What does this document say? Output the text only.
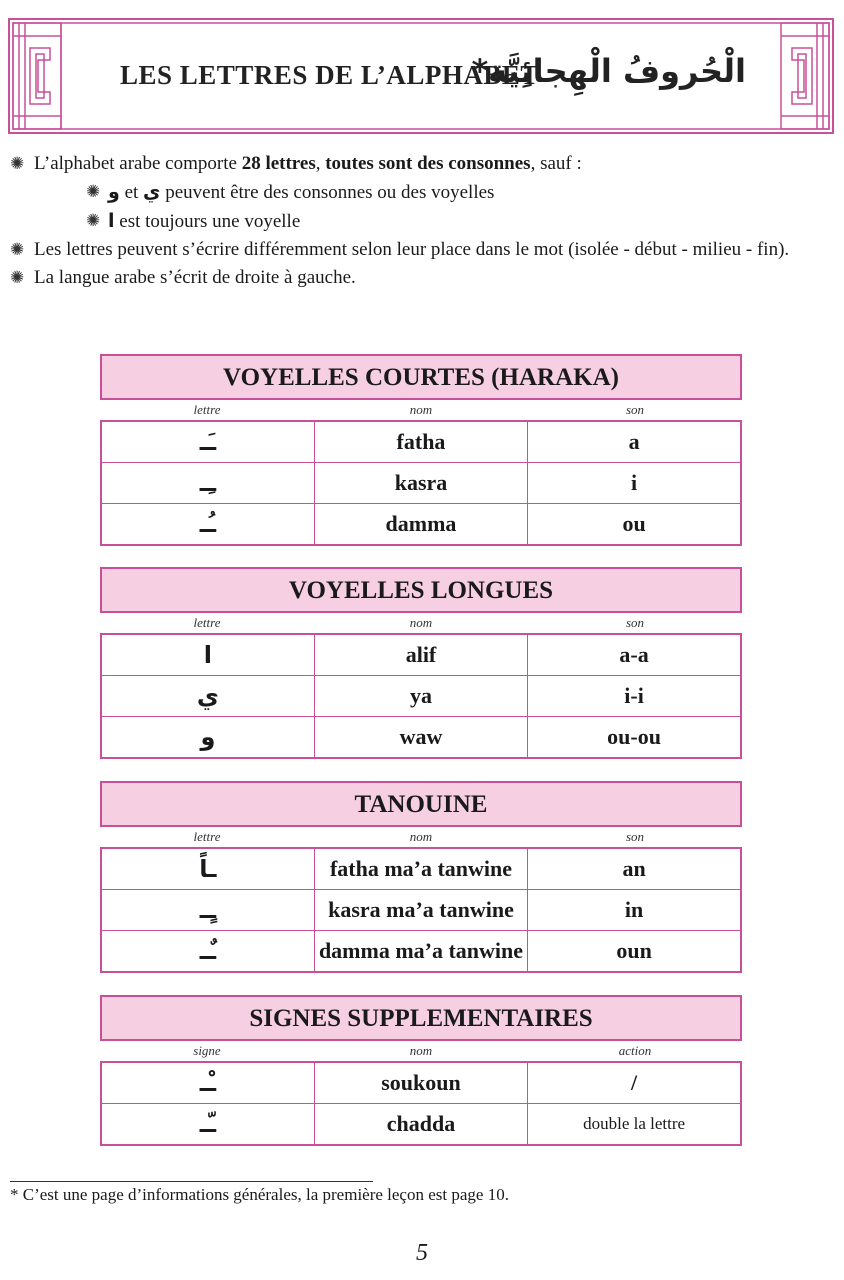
LES LETTRES DE L’ALPHABET
الْحُروفُ الْهِجائِيَّة*
✺ L’alphabet arabe comporte 28 lettres, toutes sont des consonnes, sauf :
✺ و et ي peuvent être des consonnes ou des voyelles
✺ ا est toujours une voyelle
✺ Les lettres peuvent s’écrire différemment selon leur place dans le mot (isolée - début - milieu - fin).
✺ La langue arabe s’écrit de droite à gauche.
VOYELLES COURTES (HARAKA)
lettre	nom	son
ـَـ	fatha	a
ـِـ	kasra	i
ـُـ	damma	ou
VOYELLES LONGUES
lettre	nom	son
ا	alif	a-a
ي	ya	i-i
و	waw	ou-ou
TANOUINE
lettre	nom	son
ـاً	fatha ma’a tanwine	an
ـٍـ	kasra ma’a tanwine	in
ـٌـ	damma ma’a tanwine	oun
SIGNES SUPPLEMENTAIRES
signe	nom	action
ـْـ	soukoun	/
ـّـ	chadda	double la lettre
* C’est une page d’informations générales, la première leçon est page 10.
5
